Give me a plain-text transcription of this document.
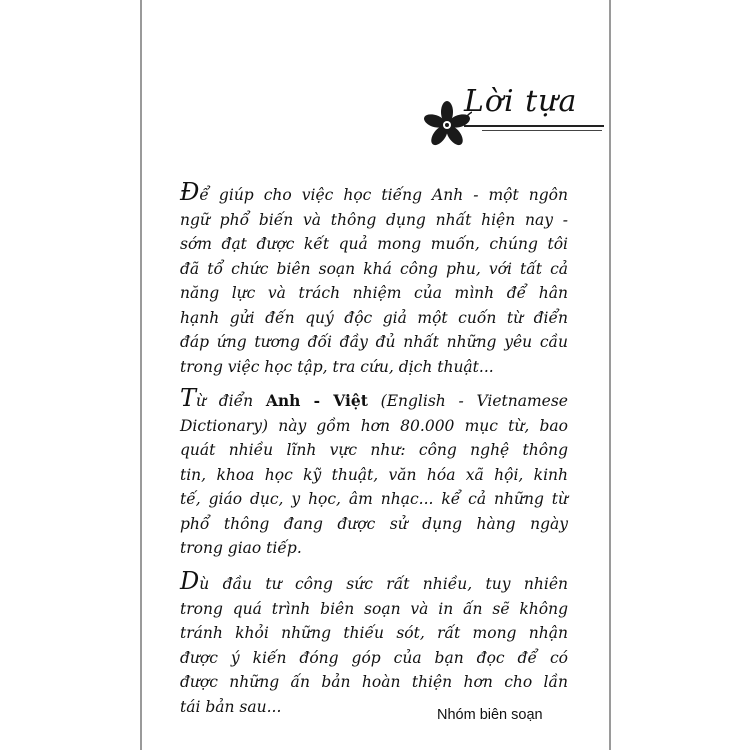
Lời tựa
Để giúp cho việc học tiếng Anh - một ngôn
ngữ phổ biến và thông dụng nhất hiện nay -
sớm đạt được kết quả mong muốn, chúng tôi
đã tổ chức biên soạn khá công phu, với tất cả
năng lực và trách nhiệm của mình để hân
hạnh gửi đến quý độc giả một cuốn từ điển
đáp ứng tương đối đầy đủ nhất những yêu cầu
trong việc học tập, tra cứu, dịch thuật...
Từ điển Anh - Việt (English - Vietnamese
Dictionary) này gồm hơn 80.000 mục từ, bao
quát nhiều lĩnh vực như: công nghệ thông
tin, khoa học kỹ thuật, văn hóa xã hội, kinh
tế, giáo dục, y học, âm nhạc... kể cả những từ
phổ thông đang được sử dụng hàng ngày
trong giao tiếp.
Dù đầu tư công sức rất nhiều, tuy nhiên
trong quá trình biên soạn và in ấn sẽ không
tránh khỏi những thiếu sót, rất mong nhận
được ý kiến đóng góp của bạn đọc để có
được những ấn bản hoàn thiện hơn cho lần
tái bản sau...	Nhóm biên soạn
